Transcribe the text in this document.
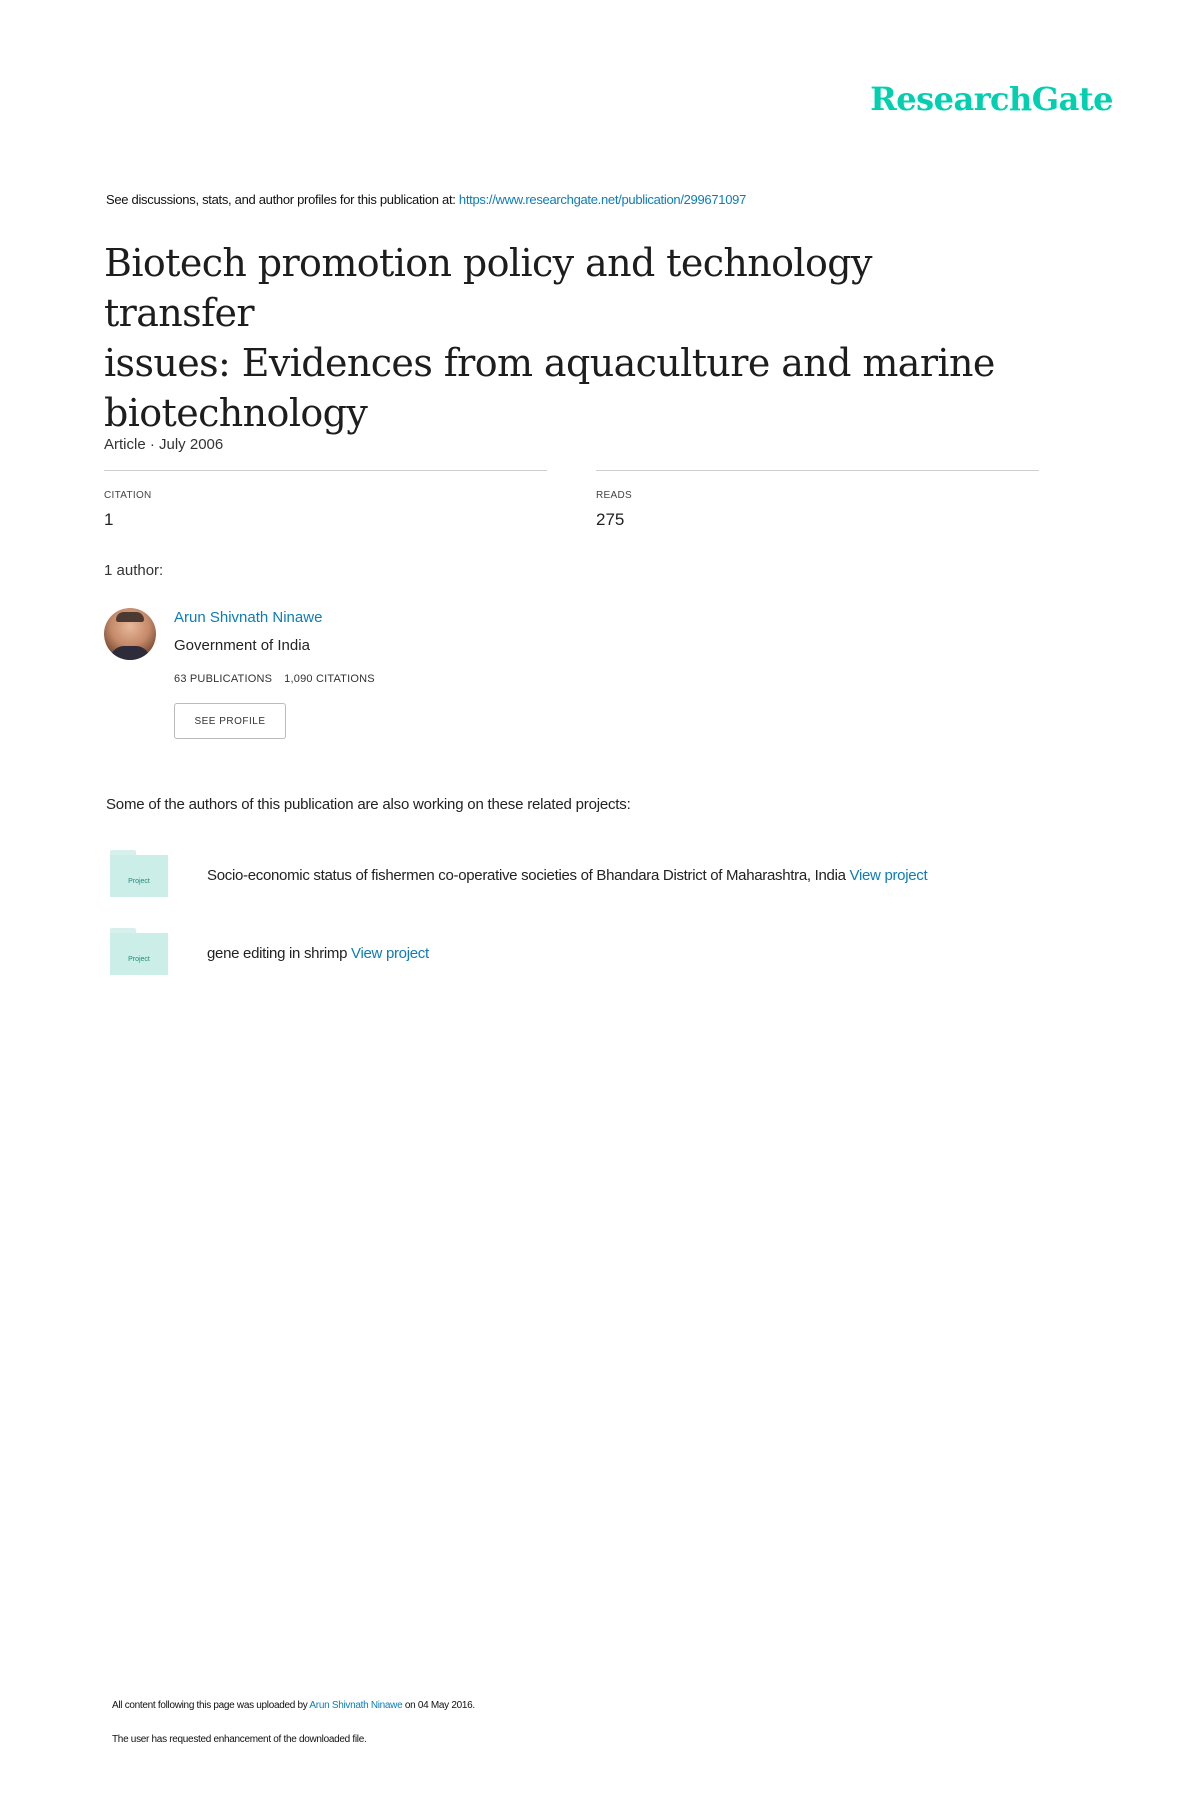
ResearchGate
See discussions, stats, and author profiles for this publication at: https://www.researchgate.net/publication/299671097
Biotech promotion policy and technology transfer
issues: Evidences from aquaculture and marine
biotechnology
Article · July 2006
CITATION
1
READS
275
1 author:
Arun Shivnath Ninawe
Government of India
63 PUBLICATIONS 1,090 CITATIONS
SEE PROFILE
Some of the authors of this publication are also working on these related projects:
Project	Socio-economic status of fishermen co-operative societies of Bhandara District of Maharashtra, India View project
Project	gene editing in shrimp View project
All content following this page was uploaded by Arun Shivnath Ninawe on 04 May 2016.
The user has requested enhancement of the downloaded file.
